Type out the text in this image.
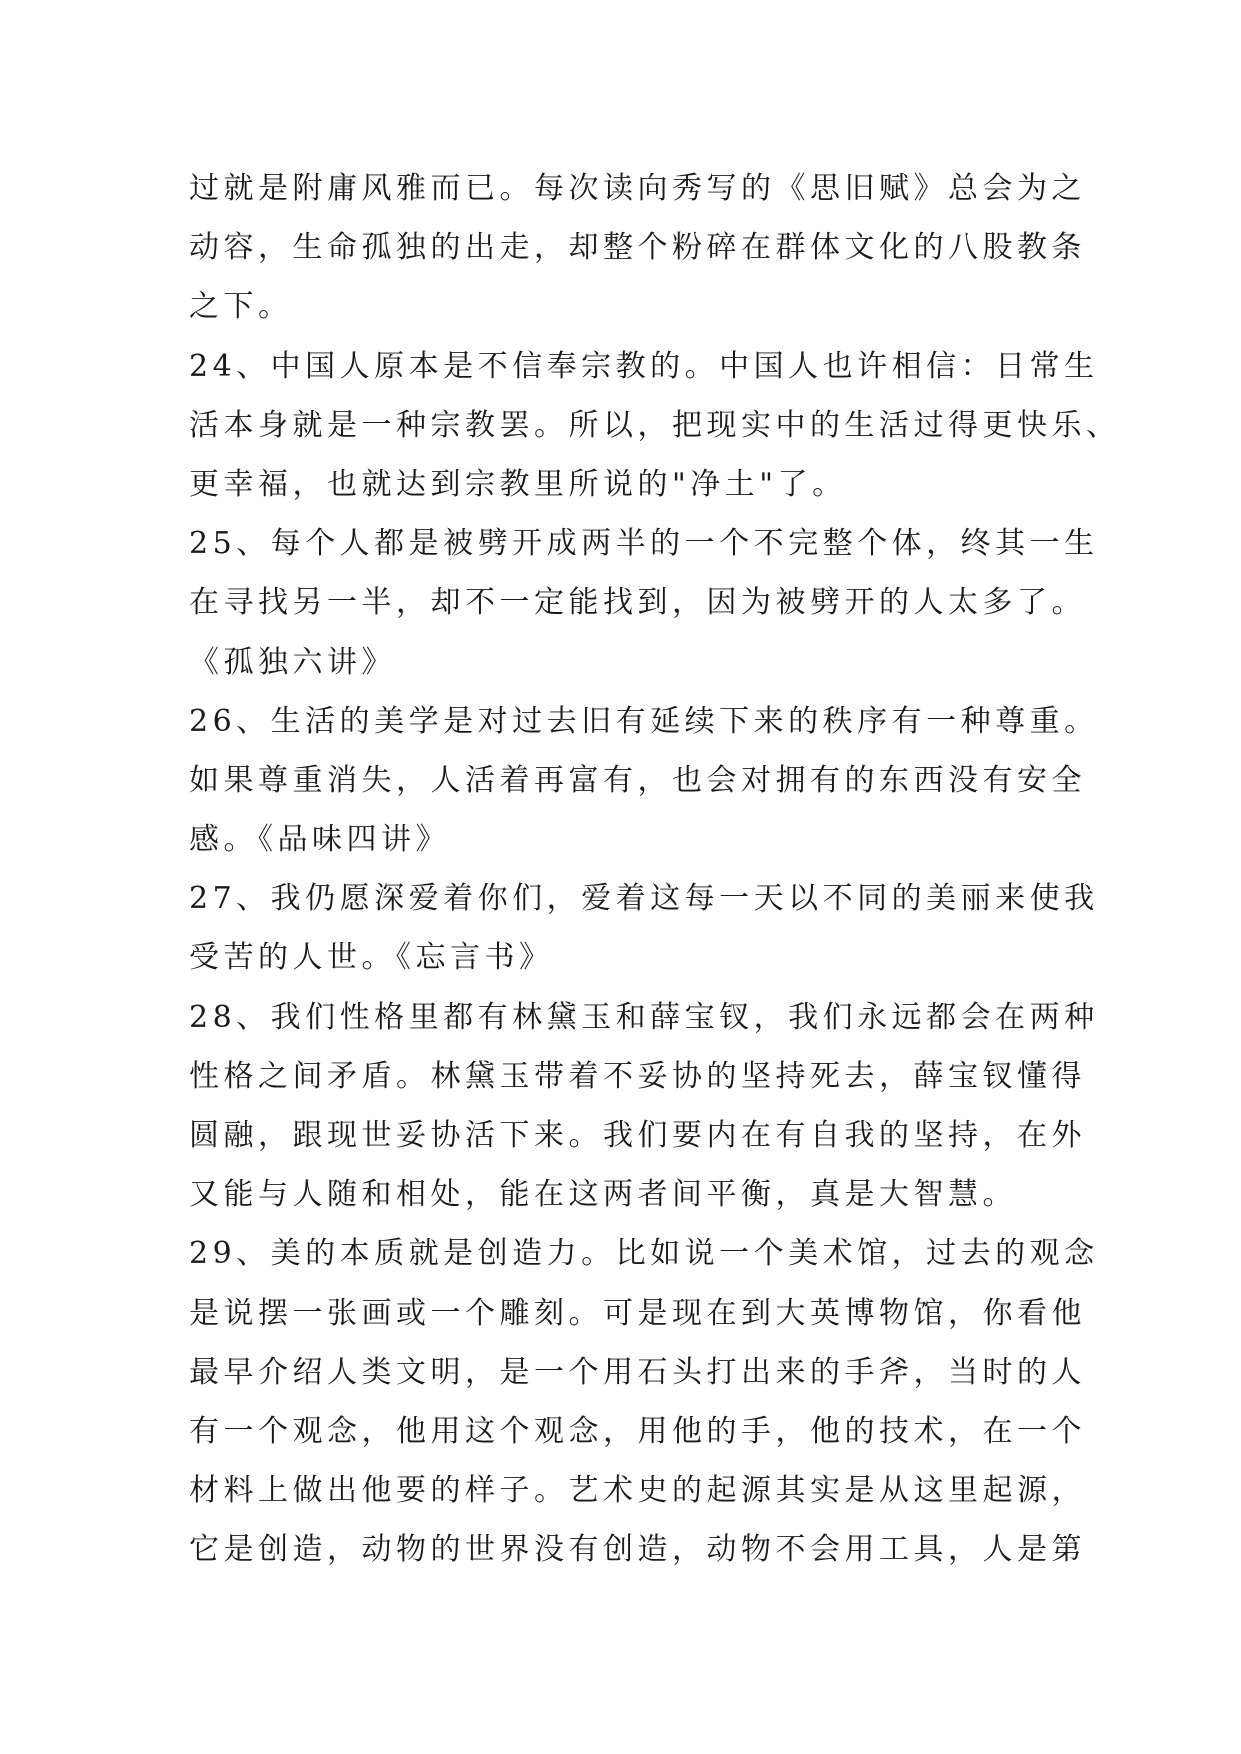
过就是附庸风雅而已。每次读向秀写的《思旧赋》总会为之
动容，生命孤独的出走，却整个粉碎在群体文化的八股教条
之下。
24、中国人原本是不信奉宗教的。中国人也许相信：日常生
活本身就是一种宗教罢。所以，把现实中的生活过得更快乐、
更幸福，也就达到宗教里所说的"净土"了。
25、每个人都是被劈开成两半的一个不完整个体，终其一生
在寻找另一半，却不一定能找到，因为被劈开的人太多了。
《孤独六讲》
26、生活的美学是对过去旧有延续下来的秩序有一种尊重。
如果尊重消失，人活着再富有，也会对拥有的东西没有安全
感。《品味四讲》
27、我仍愿深爱着你们，爱着这每一天以不同的美丽来使我
受苦的人世。《忘言书》
28、我们性格里都有林黛玉和薛宝钗，我们永远都会在两种
性格之间矛盾。林黛玉带着不妥协的坚持死去，薛宝钗懂得
圆融，跟现世妥协活下来。我们要内在有自我的坚持，在外
又能与人随和相处，能在这两者间平衡，真是大智慧。
29、美的本质就是创造力。比如说一个美术馆，过去的观念
是说摆一张画或一个雕刻。可是现在到大英博物馆，你看他
最早介绍人类文明，是一个用石头打出来的手斧，当时的人
有一个观念，他用这个观念，用他的手，他的技术，在一个
材料上做出他要的样子。艺术史的起源其实是从这里起源，
它是创造，动物的世界没有创造，动物不会用工具，人是第
